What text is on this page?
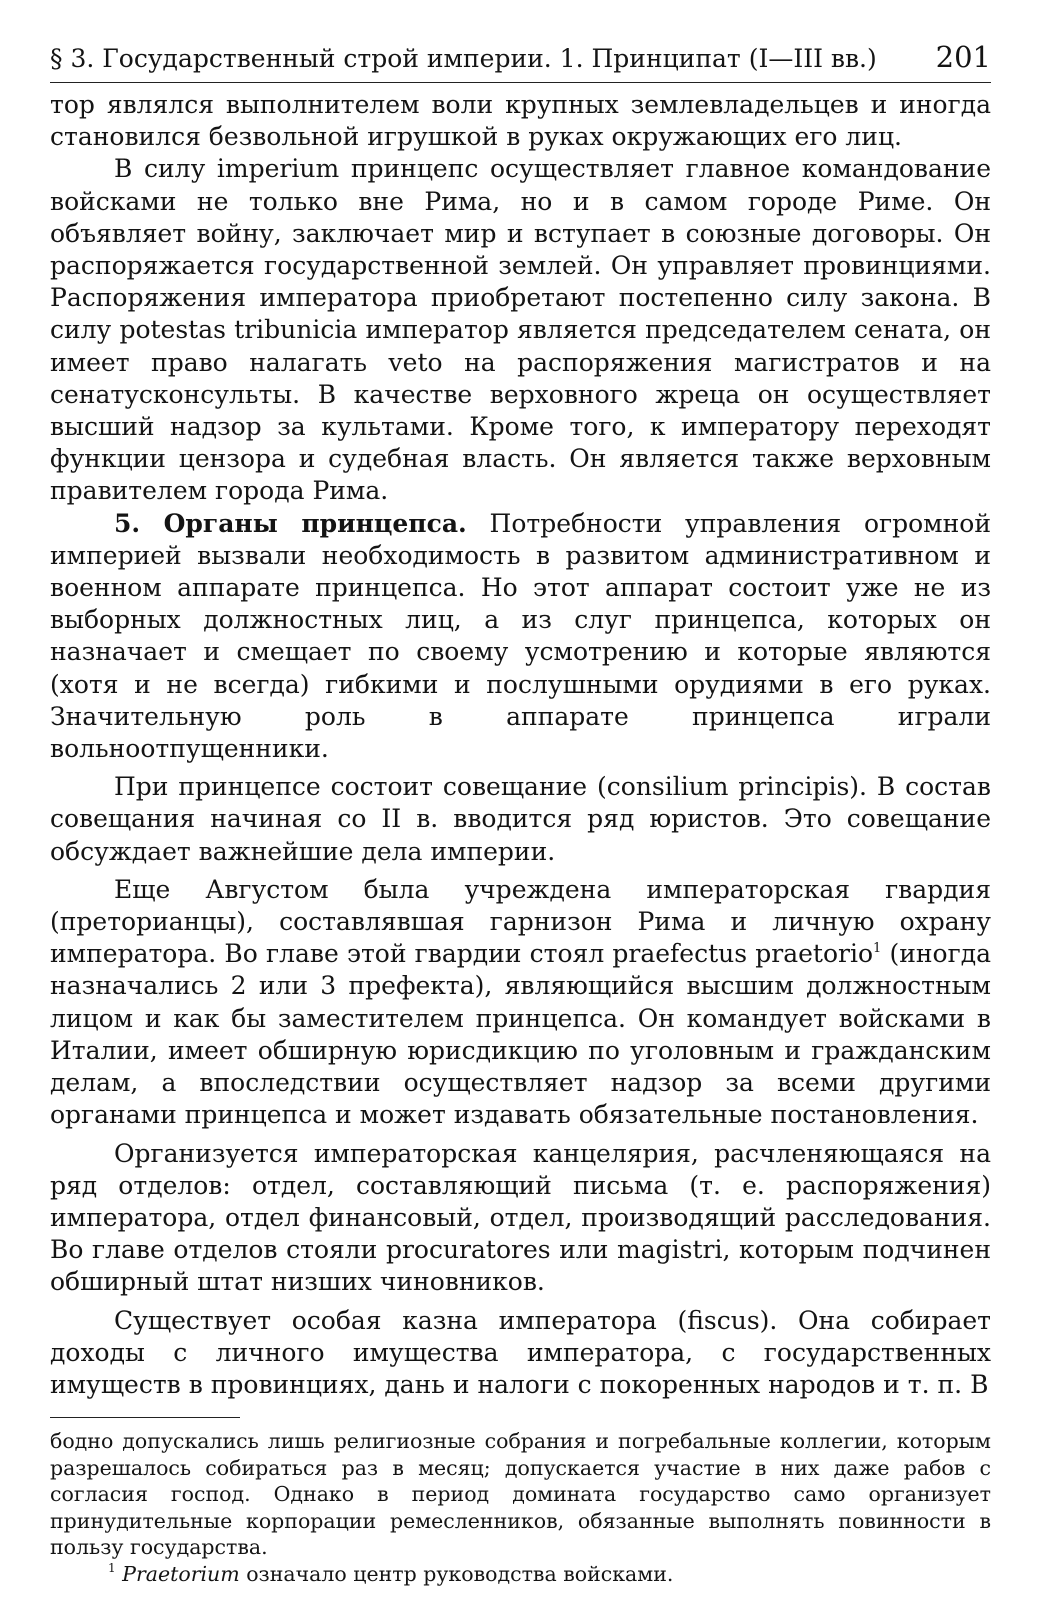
§ 3. Государственный строй империи. 1. Принципат (I—III вв.) 201

тор являлся выполнителем воли крупных землевладельцев и иногда становился безвольной игрушкой в руках окружающих его лиц.

В силу imperium принцепс осуществляет главное командование войсками не только вне Рима, но и в самом городе Риме. Он объявляет войну, заключает мир и вступает в союзные договоры. Он распоряжается государственной землей. Он управляет провинциями. Распоряжения императора приобретают постепенно силу закона. В силу potestas tribunicia император является председателем сената, он имеет право налагать veto на распоряжения магистратов и на сенатусконсульты. В качестве верховного жреца он осуществляет высший надзор за культами. Кроме того, к императору переходят функции цензора и судебная власть. Он является также верховным правителем города Рима.

5. Органы принцепса. Потребности управления огромной империей вызвали необходимость в развитом административном и военном аппарате принцепса. Но этот аппарат состоит уже не из выборных должностных лиц, а из слуг принцепса, которых он назначает и смещает по своему усмотрению и которые являются (хотя и не всегда) гибкими и послушными орудиями в его руках. Значительную роль в аппарате принцепса играли вольноотпущенники.

При принцепсе состоит совещание (consilium principis). В состав совещания начиная со II в. вводится ряд юристов. Это совещание обсуждает важнейшие дела империи.

Еще Августом была учреждена императорская гвардия (преторианцы), составлявшая гарнизон Рима и личную охрану императора. Во главе этой гвардии стоял praefectus praetorio$^1$ (иногда назначались 2 или 3 префекта), являющийся высшим должностным лицом и как бы заместителем принцепса. Он командует войсками в Италии, имеет обширную юрисдикцию по уголовным и гражданским делам, а впоследствии осуществляет надзор за всеми другими органами принцепса и может издавать обязательные постановления.

Организуется императорская канцелярия, расчленяющаяся на ряд отделов: отдел, составляющий письма (т. е. распоряжения) императора, отдел финансовый, отдел, производящий расследования. Во главе отделов стояли procuratores или magistri, которым подчинен обширный штат низших чиновников.

Существует особая казна императора (fiscus). Она собирает доходы с личного имущества императора, с государственных имуществ в провинциях, дань и налоги с покоренных народов и т. п. В

бодно допускались лишь религиозные собрания и погребальные коллегии, которым разрешалось собираться раз в месяц; допускается участие в них даже рабов с согласия господ. Однако в период домината государство само организует принудительные корпорации ремесленников, обязанные выполнять повинности в пользу государства.

$^1$ Praetorium означало центр руководства войсками.
